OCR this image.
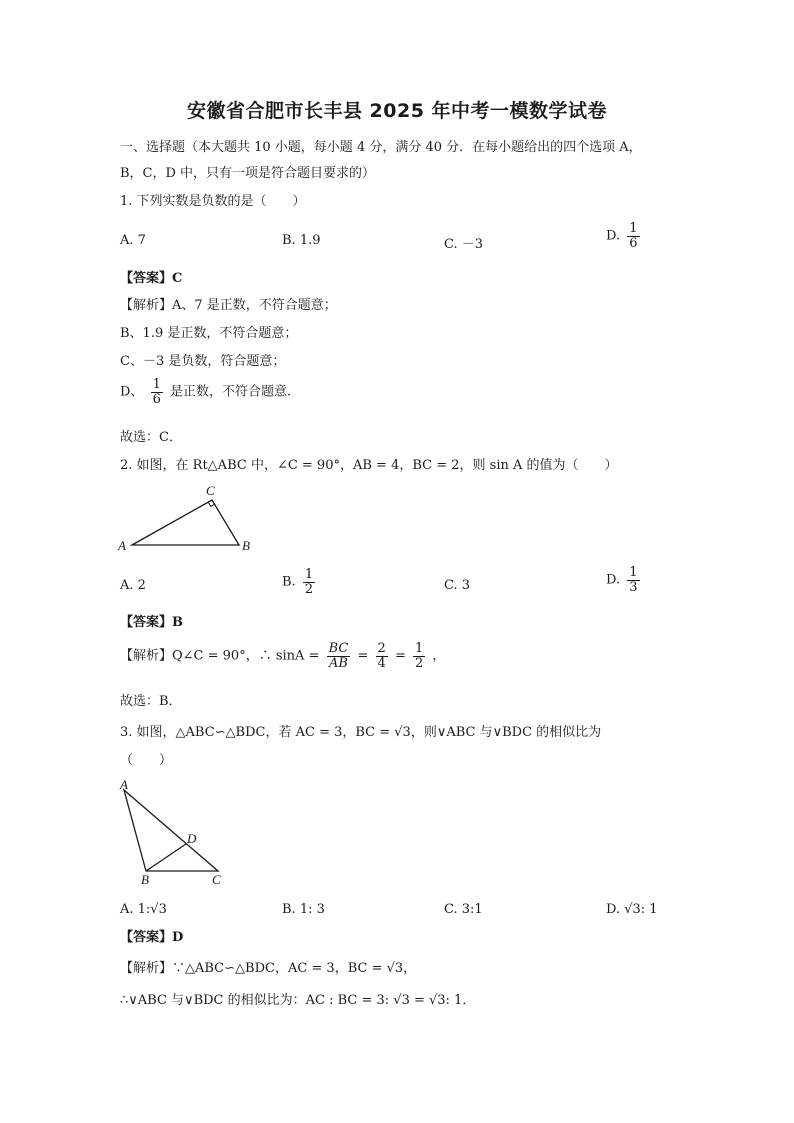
安徽省合肥市长丰县 2025 年中考一模数学试卷
一、选择题（本大题共 10 小题，每小题 4 分，满分 40 分．在每小题给出的四个选项 A，
B，C，D 中，只有一项是符合题目要求的）
1. 下列实数是负数的是（　　）
A. 7	B. 1.9	C. －3
D. $\frac{1}{6}$
【答案】C
【解析】A、7 是正数，不符合题意；
B、1.9 是正数，不符合题意；
C、－3 是负数，符合题意；
D、 $\frac{1}{6}$ 是正数，不符合题意.
故选：C．
2. 如图，在 Rt△ABC 中，∠C = 90°，AB = 4，BC = 2，则 sin A 的值为（　　）
A	B
C
A. 2	B. $\frac{1}{2}$	C. 3	D. $\frac{1}{3}$
【答案】B
【解析】Q∠C = 90°，∴ $\sin A = \frac{BC}{AB} = \frac{2}{4} = \frac{1}{2}$ ，
故选：B．
3. 如图，△ABC∽△BDC，若 AC = 3，BC = √3，则∨ABC 与∨BDC 的相似比为
（　　）
A
B	C
D
A. 1:√3	B. 1: 3	C. 3:1	D. √3: 1
【答案】D
【解析】∵△ABC∽△BDC，AC = 3，BC = √3，
∴∨ABC 与∨BDC 的相似比为：AC : BC = 3: √3 = √3: 1．
